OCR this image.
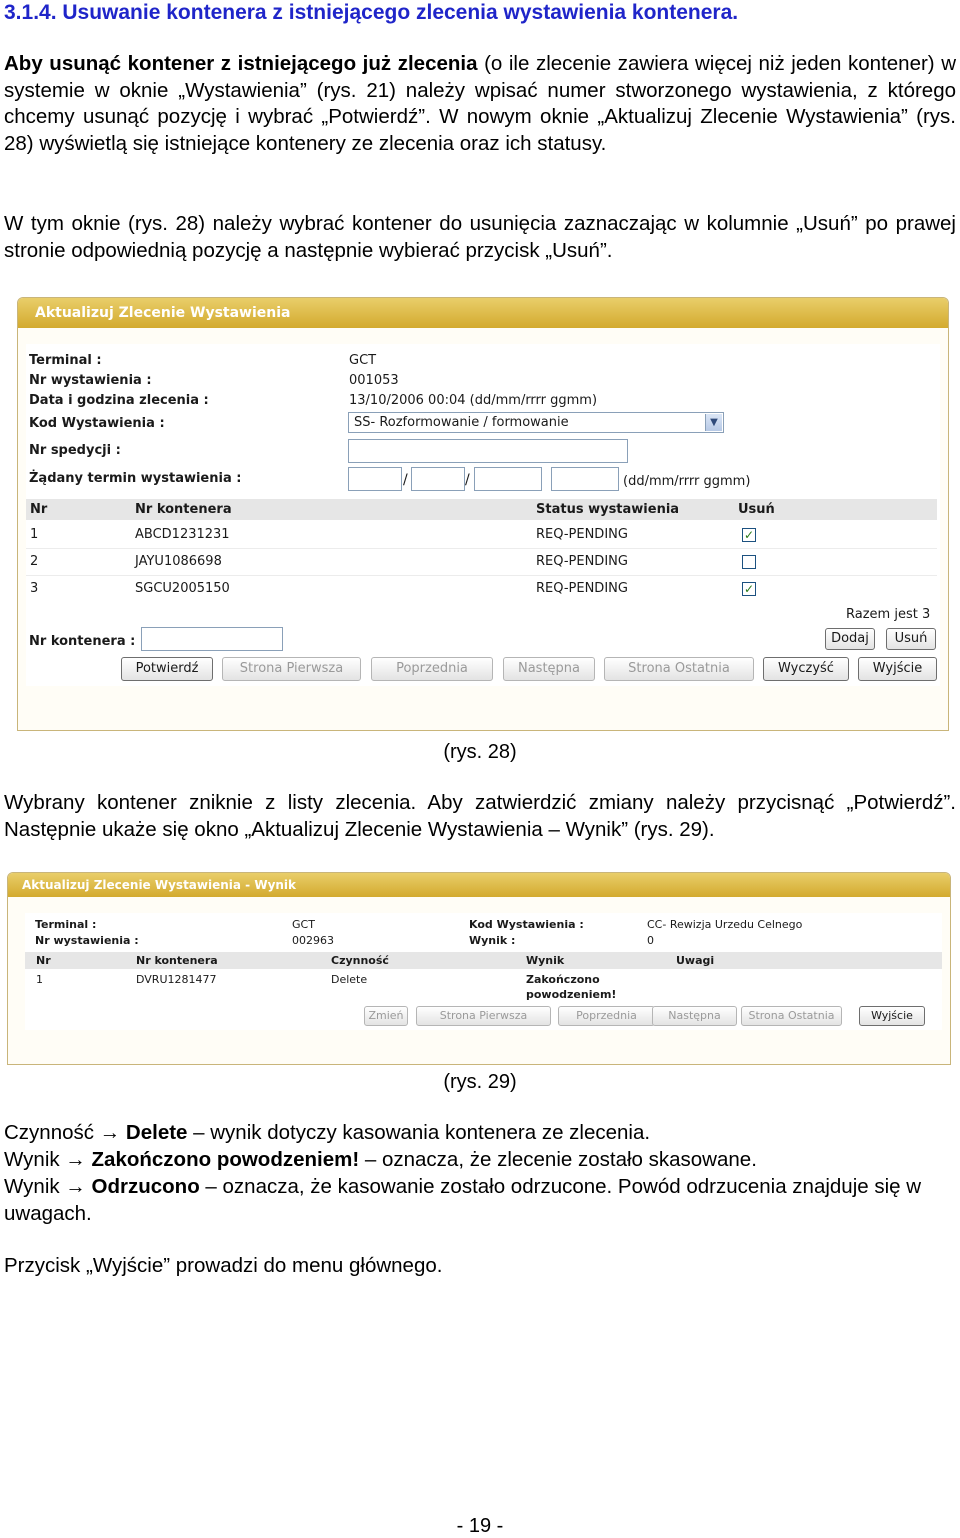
3.1.4. Usuwanie kontenera z istniejącego zlecenia wystawienia kontenera.

Aby usunąć kontener z istniejącego już zlecenia (o ile zlecenie zawiera więcej niż jeden kontener) w systemie w oknie „Wystawienia” (rys. 21) należy wpisać numer stworzonego wystawienia, z którego chcemy usunąć pozycję i wybrać „Potwierdź”. W nowym oknie „Aktualizuj Zlecenie Wystawienia” (rys. 28) wyświetlą się istniejące kontenery ze zlecenia oraz ich statusy.

W tym oknie (rys. 28) należy wybrać kontener do usunięcia zaznaczając w kolumnie „Usuń” po prawej stronie odpowiednią pozycję a następnie wybierać przycisk „Usuń”.

Aktualizuj Zlecenie Wystawienia
Terminal :	GCT
Nr wystawienia :	001053
Data i godzina zlecenia :	13/10/2006 00:04 (dd/mm/rrrr ggmm)
Kod Wystawienia :	SS- Rozformowanie / formowanie	▼
Nr spedycji :
Żądany termin wystawienia :	/	/	(dd/mm/rrrr ggmm)
Nr	Nr kontenera	Status wystawienia	Usuń
1	ABCD1231231	REQ-PENDING	✓
2	JAYU1086698	REQ-PENDING
3	SGCU2005150	REQ-PENDING	✓
Razem jest 3
Nr kontenera :	Dodaj	Usuń
Potwierdź	Strona Pierwsza	Poprzednia	Następna	Strona Ostatnia	Wyczyść	Wyjście
(rys. 28)

Wybrany kontener zniknie z listy zlecenia. Aby zatwierdzić zmiany należy przycisnąć „Potwierdź”. Następnie ukaże się okno „Aktualizuj Zlecenie Wystawienia – Wynik” (rys. 29).

Aktualizuj Zlecenie Wystawienia - Wynik
Terminal :	GCT	Kod Wystawienia :	CC- Rewizja Urzedu Celnego
Nr wystawienia :	002963	Wynik :	0
Nr	Nr kontenera	Czynność	Wynik	Uwagi
1	DVRU1281477	Delete	Zakończono
powodzeniem!
Zmień	Strona Pierwsza	Poprzednia	Następna	Strona Ostatnia	Wyjście
(rys. 29)

Czynność → Delete – wynik dotyczy kasowania kontenera ze zlecenia.

Wynik → Zakończono powodzeniem! – oznacza, że zlecenie zostało skasowane.

Wynik → Odrzucono – oznacza, że kasowanie zostało odrzucone. Powód odrzucenia znajduje się w uwagach.

Przycisk „Wyjście” prowadzi do menu głównego.

- 19 -
